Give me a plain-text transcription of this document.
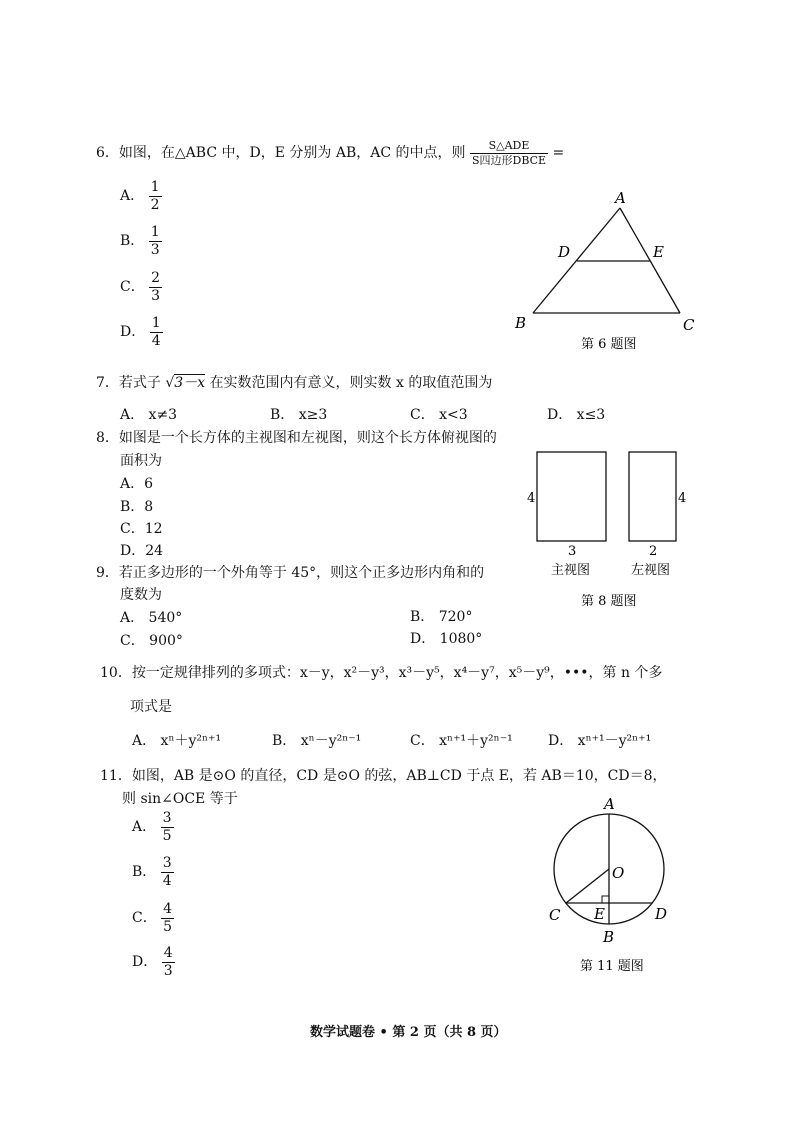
6．如图，在△ABC 中，D，E 分别为 AB，AC 的中点，则 $\frac{\text{S△ADE}}{\text{S四边形DBCE}}$ =
A． $\frac{1}{2}$
B． $\frac{1}{3}$
C． $\frac{2}{3}$
D． $\frac{1}{4}$
A
D	E
B	C
第 6 题图
7．若式子 √3－x 在实数范围内有意义，则实数 x 的取值范围为
A． x≠3	B． x≥3	C． x<3	D． x≤3
8．如图是一个长方体的主视图和左视图，则这个长方体俯视图的
面积为
A．6
B．8
C．12
D．24
4	4
3	2
主视图	左视图
第 8 题图
9．若正多边形的一个外角等于 45°，则这个正多边形内角和的
度数为
A． 540°	B． 720°
C． 900°	D． 1080°
10．按一定规律排列的多项式：x－y，x²－y³，x³－y⁵，x⁴－y⁷，x⁵－y⁹，•••，第 n 个多
项式是
A． xⁿ＋y²ⁿ⁺¹	B． xⁿ－y²ⁿ⁻¹	C． xⁿ⁺¹＋y²ⁿ⁻¹	D． xⁿ⁺¹－y²ⁿ⁺¹
11．如图，AB 是⊙O 的直径，CD 是⊙O 的弦，AB⊥CD 于点 E，若 AB＝10，CD＝8，
则 sin∠OCE 等于
A． $\frac{3}{5}$
B． $\frac{3}{4}$
C． $\frac{4}{5}$
D． $\frac{4}{3}$
A
O
C E	D
B
第 11 题图
数学试题卷 • 第 2 页（共 8 页）
